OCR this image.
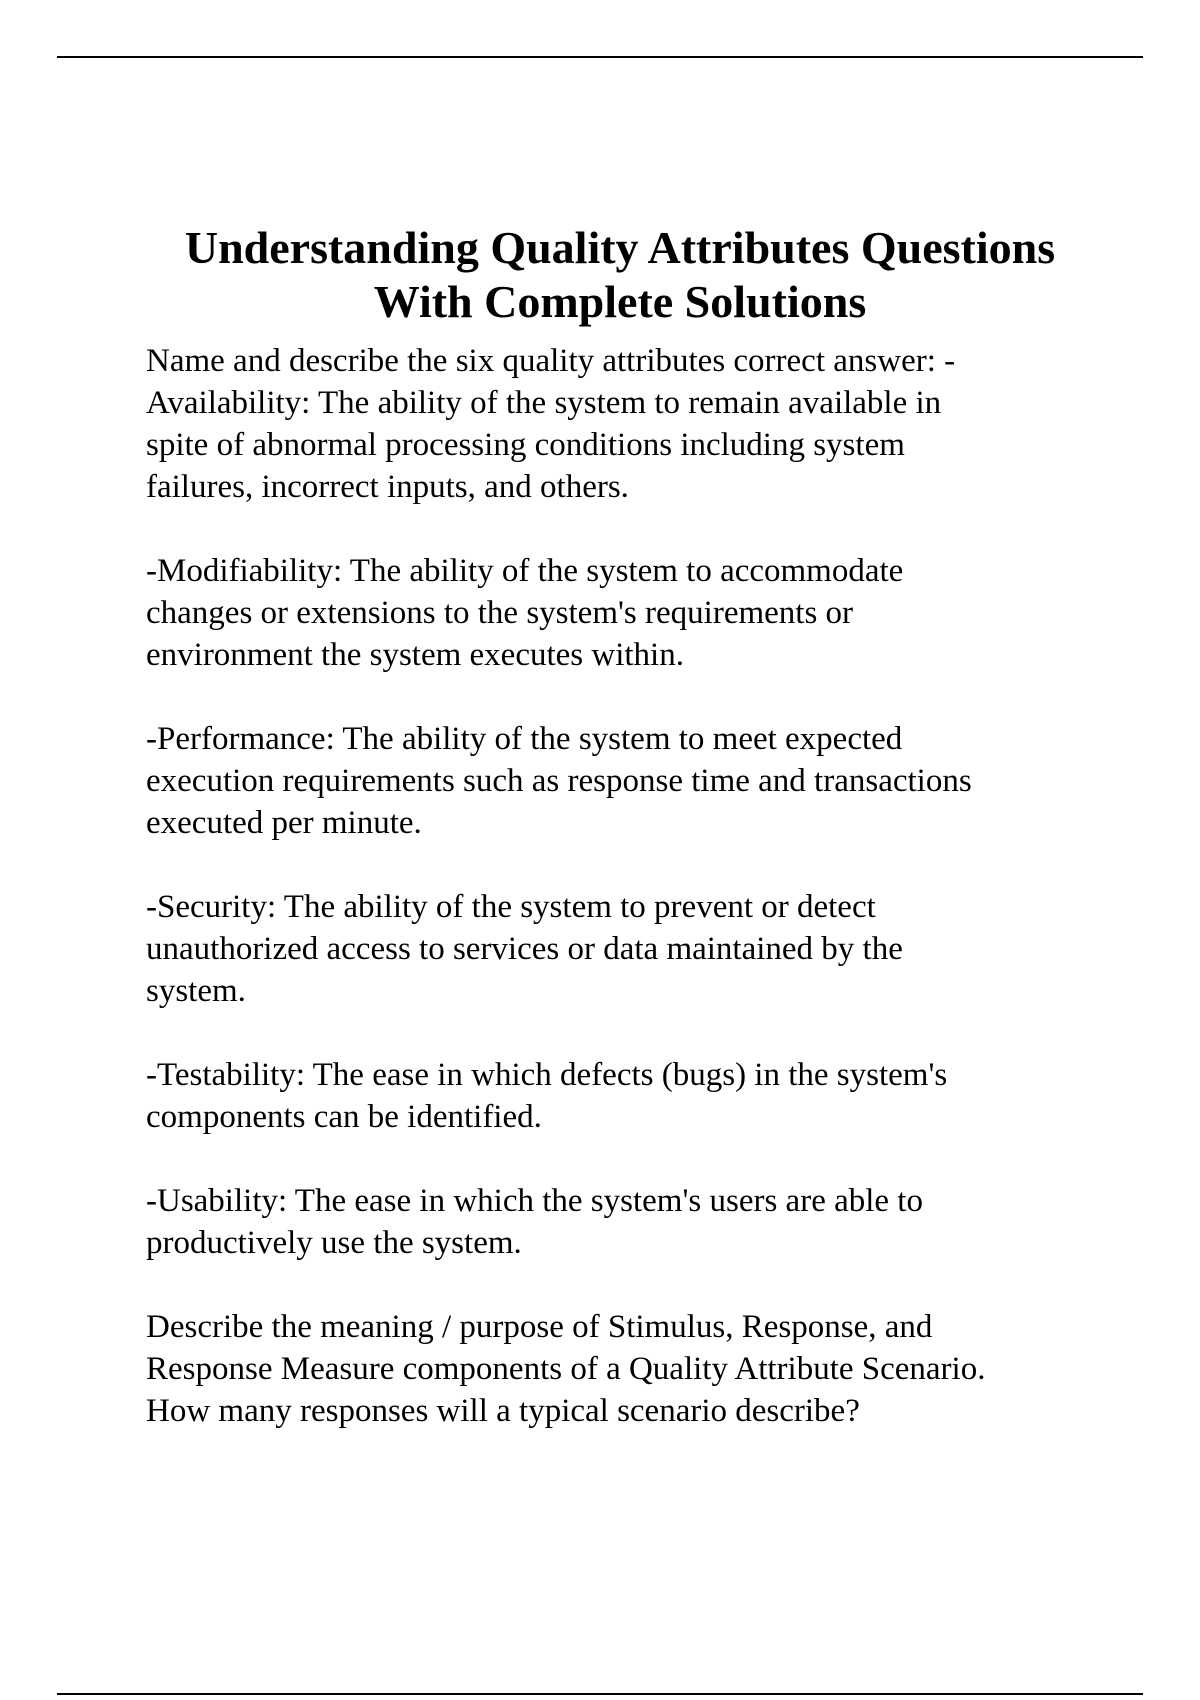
Understanding Quality Attributes Questions
With Complete Solutions

Name and describe the six quality attributes correct answer: -
Availability: The ability of the system to remain available in
spite of abnormal processing conditions including system
failures, incorrect inputs, and others.

-Modifiability: The ability of the system to accommodate
changes or extensions to the system's requirements or
environment the system executes within.

-Performance: The ability of the system to meet expected
execution requirements such as response time and transactions
executed per minute.

-Security: The ability of the system to prevent or detect
unauthorized access to services or data maintained by the
system.

-Testability: The ease in which defects (bugs) in the system's
components can be identified.

-Usability: The ease in which the system's users are able to
productively use the system.

Describe the meaning / purpose of Stimulus, Response, and
Response Measure components of a Quality Attribute Scenario.
How many responses will a typical scenario describe?
